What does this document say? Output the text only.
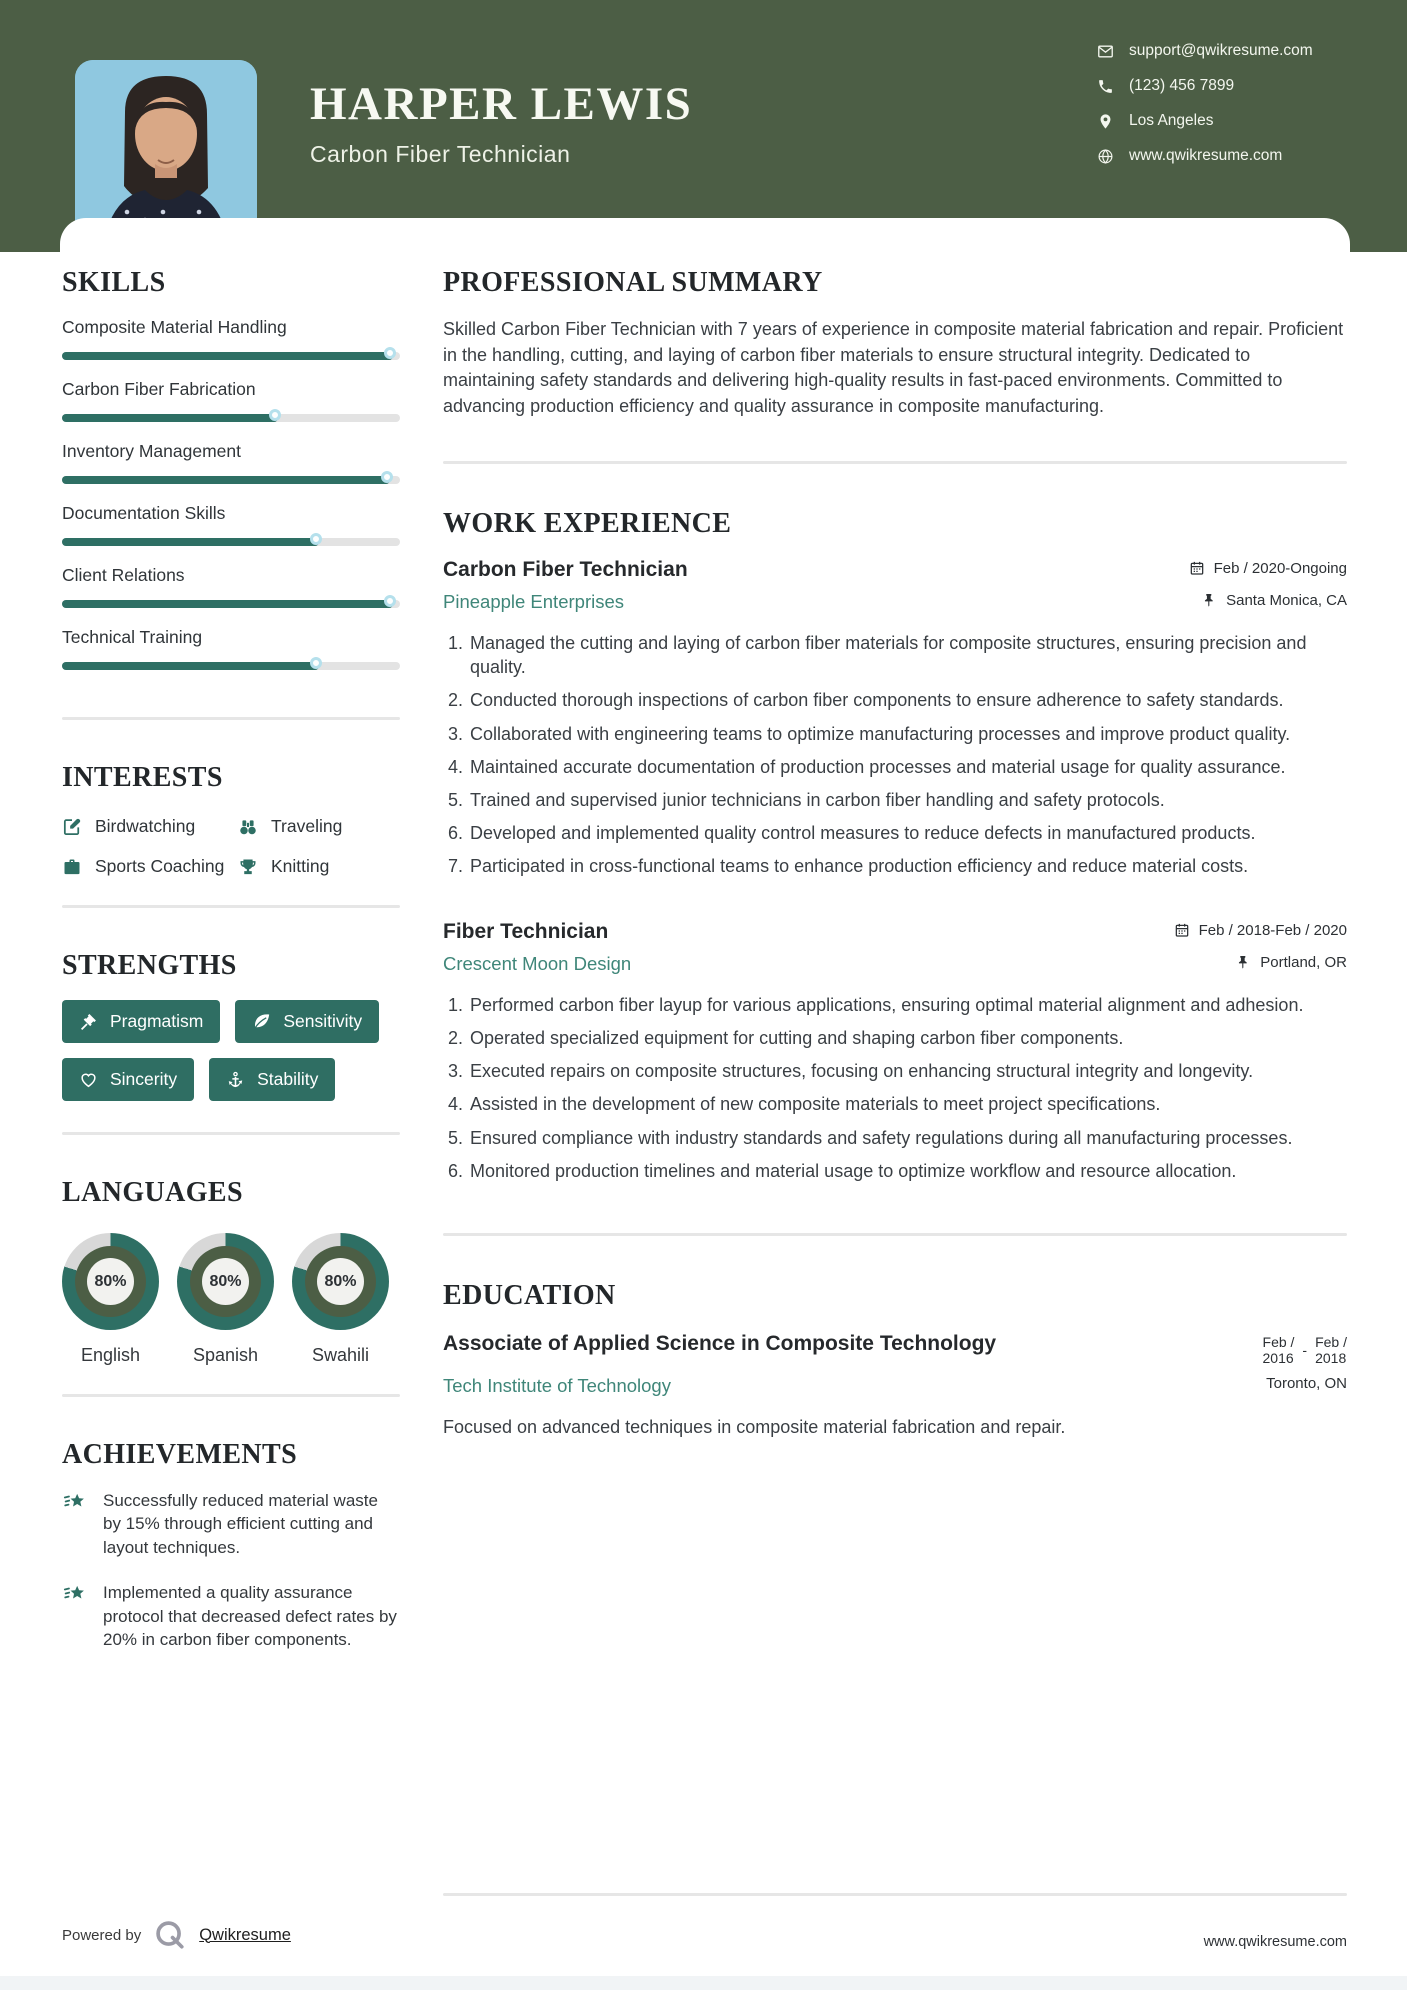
HARPER LEWIS
Carbon Fiber Technician
support@qwikresume.com
(123) 456 7899
Los Angeles
www.qwikresume.com
SKILLS
Composite Material Handling
Carbon Fiber Fabrication
Inventory Management
Documentation Skills
Client Relations
Technical Training
INTERESTS
Birdwatching	Traveling
Sports Coaching	Knitting
STRENGTHS
Pragmatism	Sensitivity
Sincerity	Stability
LANGUAGES
80%
English
80%
Spanish
80%
Swahili
ACHIEVEMENTS
Successfully reduced material waste by 15% through efficient cutting and layout techniques.
Implemented a quality assurance protocol that decreased defect rates by 20% in carbon fiber components.
Powered by	Qwikresume
PROFESSIONAL SUMMARY

Skilled Carbon Fiber Technician with 7 years of experience in composite material fabrication and repair. Proficient in the handling, cutting, and laying of carbon fiber materials to ensure structural integrity. Dedicated to maintaining safety standards and delivering high-quality results in fast-paced environments. Committed to advancing production efficiency and quality assurance in composite manufacturing.

WORK EXPERIENCE
Carbon Fiber Technician	Feb / 2020-Ongoing
Pineapple Enterprises	Santa Monica, CA
1. Managed the cutting and laying of carbon fiber materials for composite structures, ensuring precision and quality.
2. Conducted thorough inspections of carbon fiber components to ensure adherence to safety standards.
3. Collaborated with engineering teams to optimize manufacturing processes and improve product quality.
4. Maintained accurate documentation of production processes and material usage for quality assurance.
5. Trained and supervised junior technicians in carbon fiber handling and safety protocols.
6. Developed and implemented quality control measures to reduce defects in manufactured products.
7. Participated in cross-functional teams to enhance production efficiency and reduce material costs.
Fiber Technician	Feb / 2018-Feb / 2020
Crescent Moon Design	Portland, OR
1. Performed carbon fiber layup for various applications, ensuring optimal material alignment and adhesion.
2. Operated specialized equipment for cutting and shaping carbon fiber components.
3. Executed repairs on composite structures, focusing on enhancing structural integrity and longevity.
4. Assisted in the development of new composite materials to meet project specifications.
5. Ensured compliance with industry standards and safety regulations during all manufacturing processes.
6. Monitored production timelines and material usage to optimize workflow and resource allocation.
EDUCATION
Associate of Applied Science in Composite Technology	Feb /
2016 -
Feb /
2018
Tech Institute of Technology	Toronto, ON

Focused on advanced techniques in composite material fabrication and repair.

www.qwikresume.com
